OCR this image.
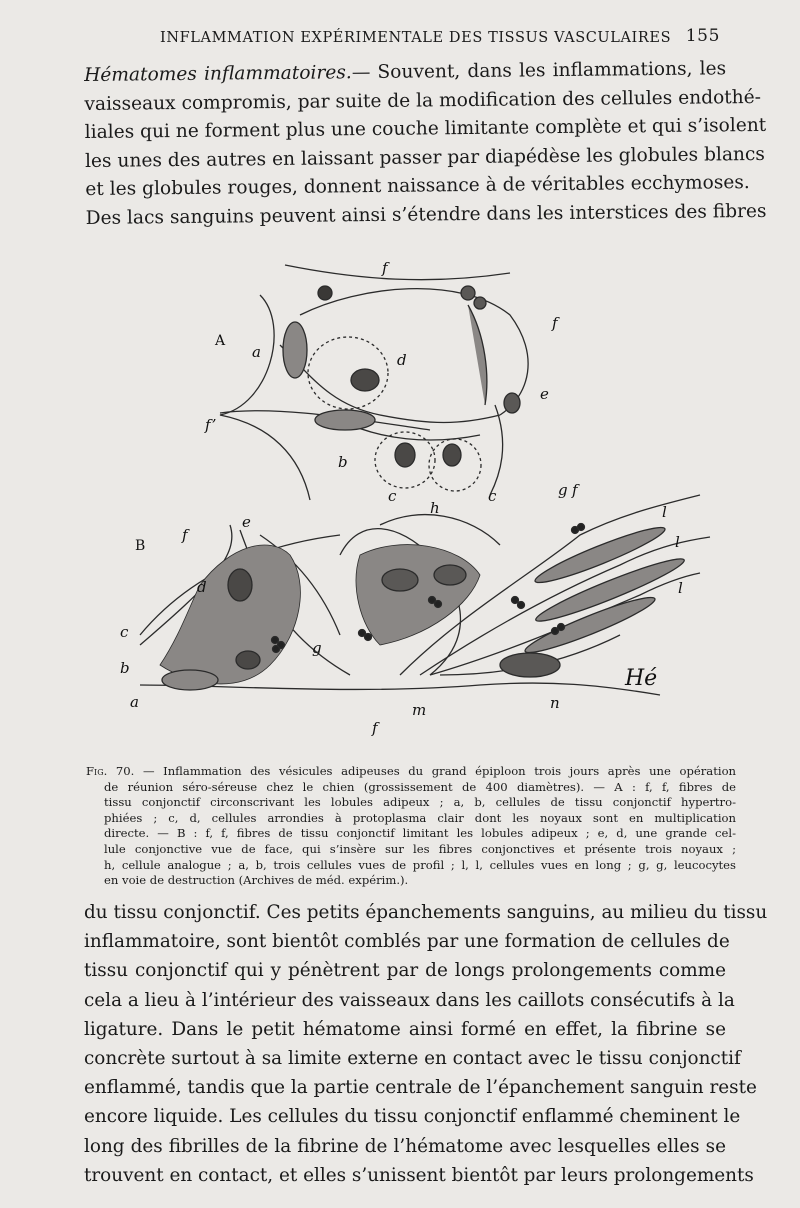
INFLAMMATION EXPÉRIMENTALE DES TISSUS VASCULAIRES 155
Hématomes inflammatoires.— Souvent, dans les inflammations, les
vaisseaux compromis, par suite de la modification des cellules endothé-
liales qui ne forment plus une couche limitante complète et qui s’isolent
les unes des autres en laissant passer par diapédèse les globules blancs
et les globules rouges, donnent naissance à de véritables ecchymoses.
Des lacs sanguins peuvent ainsi s’étendre dans les interstices des fibres
A
B
f
f
a	d
e
f’
b
c	c
f
e
h
g f
l
l
l
d
c
g
b
a	m
f
n
Hé
Fig. 70. — Inflammation des vésicules adipeuses du grand épiploon trois jours après une opération
de réunion séro-séreuse chez le chien (grossissement de 400 diamètres). — A : f, f, fibres de
tissu conjonctif circonscrivant les lobules adipeux ; a, b, cellules de tissu conjonctif hypertro-
phiées ; c, d, cellules arrondies à protoplasma clair dont les noyaux sont en multiplication
directe. — B : f, f, fibres de tissu conjonctif limitant les lobules adipeux ; e, d, une grande cel-
lule conjonctive vue de face, qui s’insère sur les fibres conjonctives et présente trois noyaux ;
h, cellule analogue ; a, b, trois cellules vues de profil ; l, l, cellules vues en long ; g, g, leucocytes
en voie de destruction (Archives de méd. expérim.).
du tissu conjonctif. Ces petits épanchements sanguins, au milieu du tissu
inflammatoire, sont bientôt comblés par une formation de cellules de
tissu conjonctif qui y pénètrent par de longs prolongements comme
cela a lieu à l’intérieur des vaisseaux dans les caillots consécutifs à la
ligature. Dans le petit hématome ainsi formé en effet, la fibrine se
concrète surtout à sa limite externe en contact avec le tissu conjonctif
enflammé, tandis que la partie centrale de l’épanchement sanguin reste
encore liquide. Les cellules du tissu conjonctif enflammé cheminent le
long des fibrilles de la fibrine de l’hématome avec lesquelles elles se
trouvent en contact, et elles s’unissent bientôt par leurs prolongements
